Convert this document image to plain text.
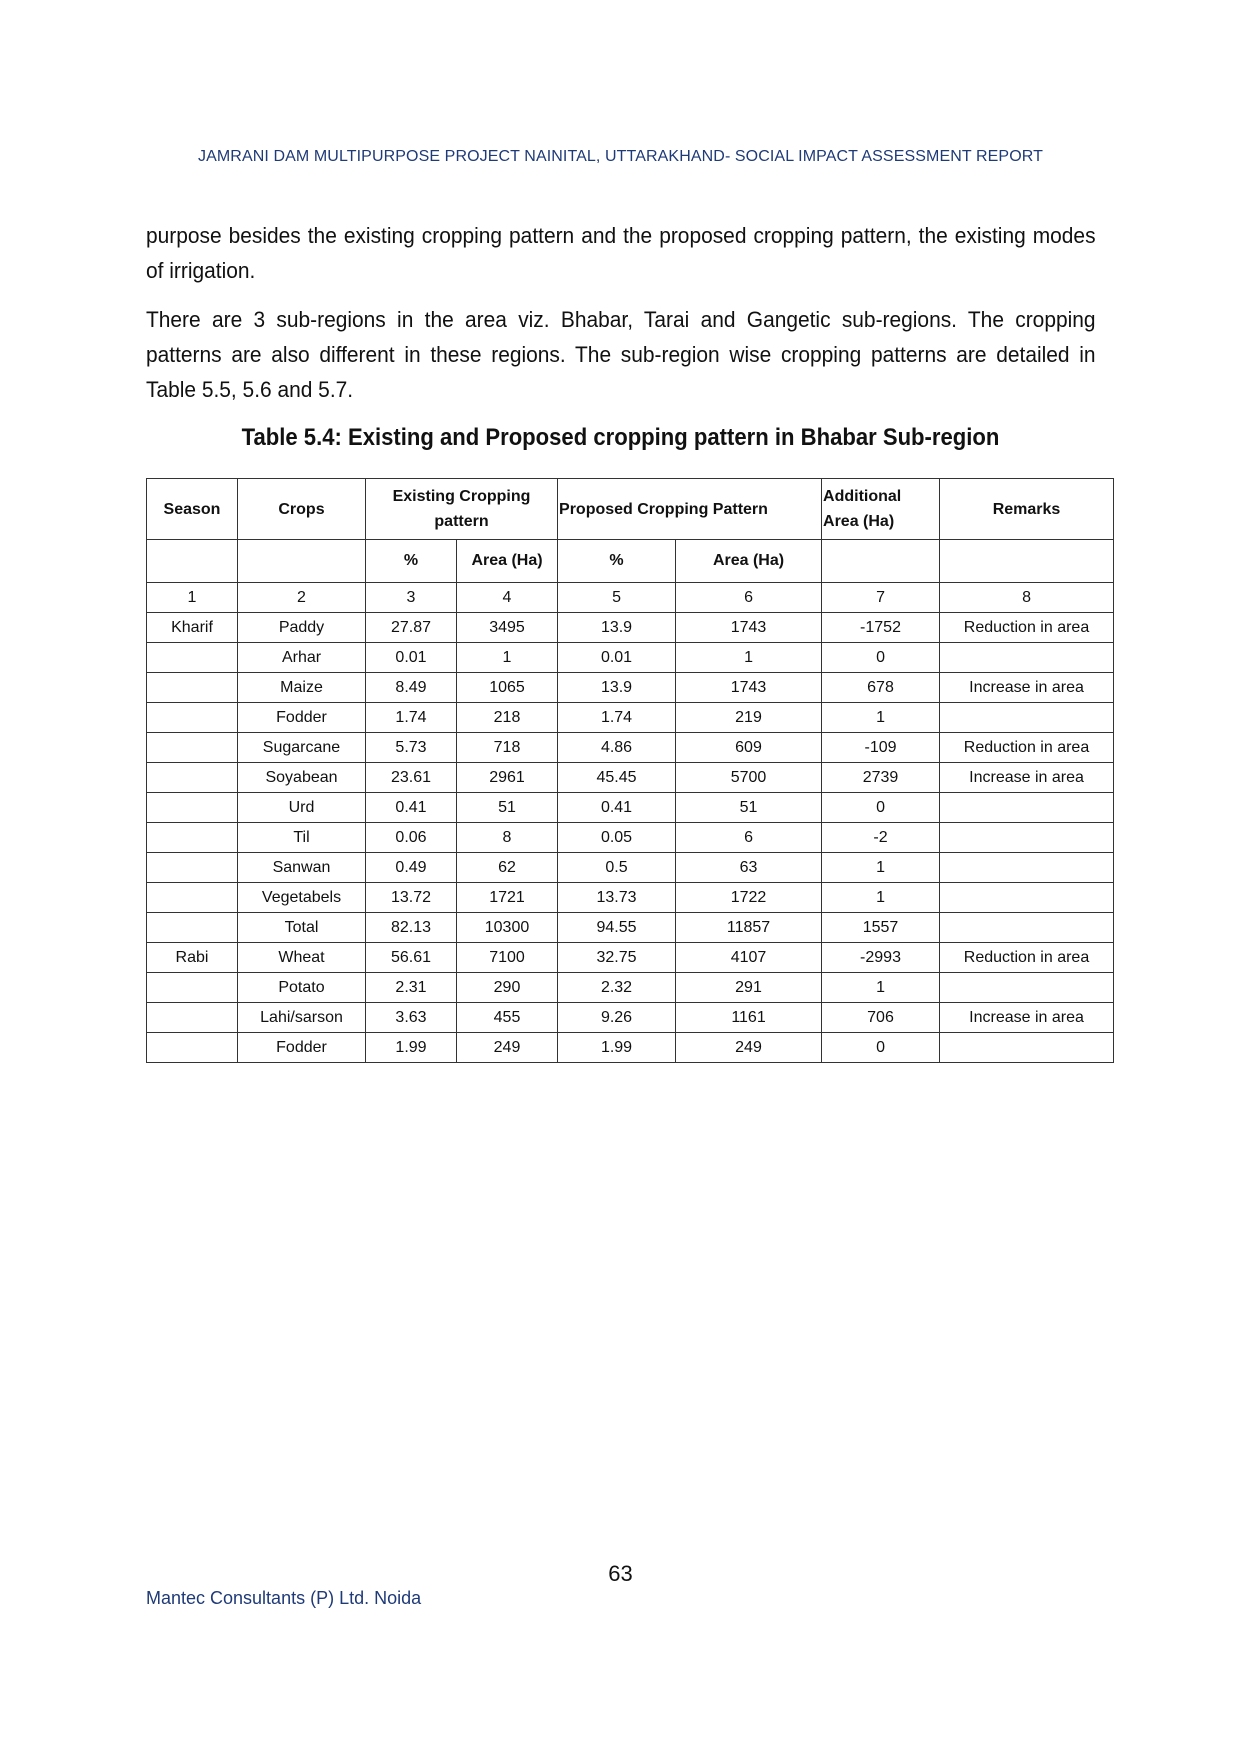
JAMRANI DAM MULTIPURPOSE PROJECT NAINITAL, UTTARAKHAND- SOCIAL IMPACT ASSESSMENT REPORT

purpose besides the existing cropping pattern and the proposed cropping pattern, the existing modes of irrigation.

There are 3 sub-regions in the area viz. Bhabar, Tarai and Gangetic sub-regions. The cropping patterns are also different in these regions. The sub-region wise cropping patterns are detailed in Table 5.5, 5.6 and 5.7.

Table 5.4: Existing and Proposed cropping pattern in Bhabar Sub-region
Season	Crops	Existing Cropping pattern		Proposed Cropping Pattern		Additional Area (Ha)	Remarks
		%	Area (Ha)	%	Area (Ha)		
1	2	3	4	5	6	7	8
Kharif	Paddy	27.87	3495	13.9	1743	-1752	Reduction in area
	Arhar	0.01	1	0.01	1	0	
	Maize	8.49	1065	13.9	1743	678	Increase in area
	Fodder	1.74	218	1.74	219	1	
	Sugarcane	5.73	718	4.86	609	-109	Reduction in area
	Soyabean	23.61	2961	45.45	5700	2739	Increase in area
	Urd	0.41	51	0.41	51	0	
	Til	0.06	8	0.05	6	-2	
	Sanwan	0.49	62	0.5	63	1	
	Vegetabels	13.72	1721	13.73	1722	1	
	Total	82.13	10300	94.55	11857	1557	
Rabi	Wheat	56.61	7100	32.75	4107	-2993	Reduction in area
	Potato	2.31	290	2.32	291	1	
	Lahi/sarson	3.63	455	9.26	1161	706	Increase in area
	Fodder	1.99	249	1.99	249	0	
63
Mantec Consultants (P) Ltd. Noida
